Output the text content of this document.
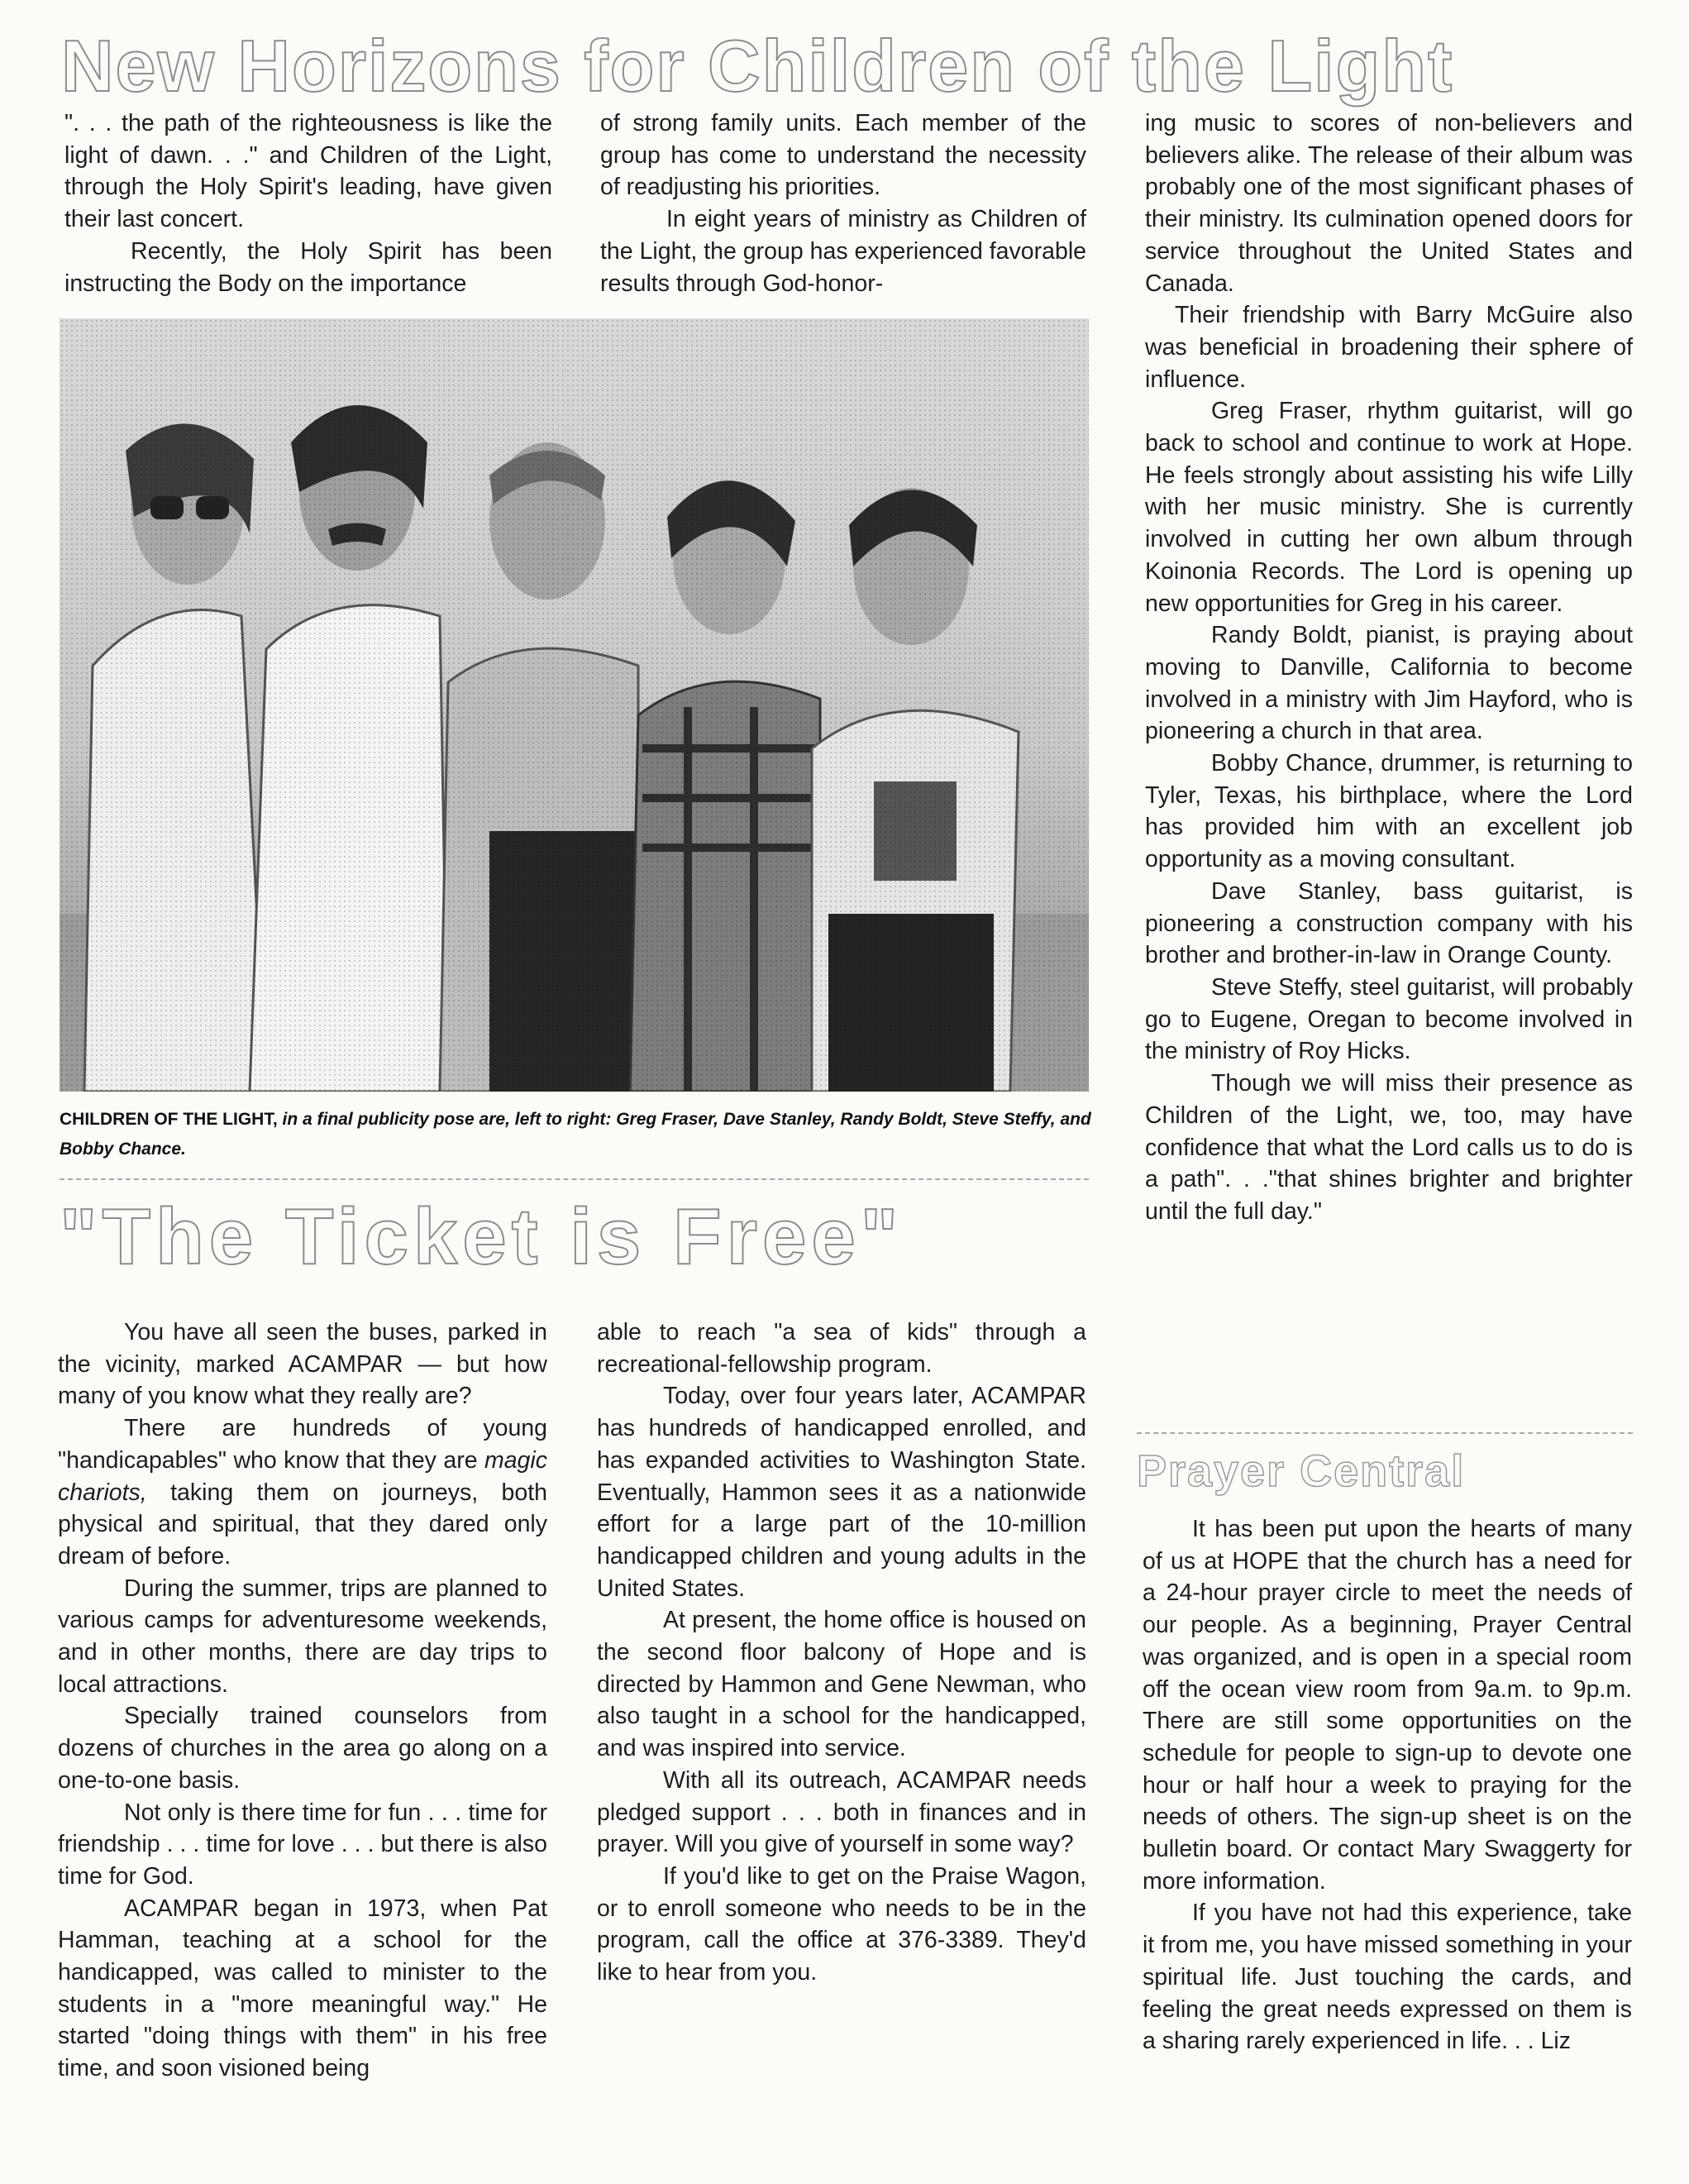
New Horizons for Children of the Light

". . . the path of the righteousness is like the light of dawn. . ." and Children of the Light, through the Holy Spirit's leading, have given their last concert.

Recently, the Holy Spirit has been instructing the Body on the importance

of strong family units. Each member of the group has come to understand the necessity of readjusting his priorities.

In eight years of ministry as Children of the Light, the group has experienced favorable results through God-honor-

ing music to scores of non-believers and believers alike. The release of their album was probably one of the most significant phases of their ministry. Its culmination opened doors for service throughout the United States and Canada.

Their friendship with Barry McGuire also was beneficial in broadening their sphere of influence.

Greg Fraser, rhythm guitarist, will go back to school and continue to work at Hope. He feels strongly about assisting his wife Lilly with her music ministry. She is currently involved in cutting her own album through Koinonia Records. The Lord is opening up new opportunities for Greg in his career.

Randy Boldt, pianist, is praying about moving to Danville, California to become involved in a ministry with Jim Hayford, who is pioneering a church in that area.

Bobby Chance, drummer, is returning to Tyler, Texas, his birthplace, where the Lord has provided him with an excellent job opportunity as a moving consultant.

Dave Stanley, bass guitarist, is pioneering a construction company with his brother and brother-in-law in Orange County.

Steve Steffy, steel guitarist, will probably go to Eugene, Oregan to become involved in the ministry of Roy Hicks.

Though we will miss their presence as Children of the Light, we, too, may have confidence that what the Lord calls us to do is a path". . ."that shines brighter and brighter until the full day."

CHILDREN OF THE LIGHT, in a final publicity pose are, left to right: Greg Fraser, Dave Stanley, Randy Boldt, Steve Steffy, and Bobby Chance.
"The Ticket is Free"

You have all seen the buses, parked in the vicinity, marked ACAMPAR — but how many of you know what they really are?

There are hundreds of young "handicapables" who know that they are magic chariots, taking them on journeys, both physical and spiritual, that they dared only dream of before.

During the summer, trips are planned to various camps for adventuresome weekends, and in other months, there are day trips to local attractions.

Specially trained counselors from dozens of churches in the area go along on a one-to-one basis.

Not only is there time for fun . . . time for friendship . . . time for love . . . but there is also time for God.

ACAMPAR began in 1973, when Pat Hamman, teaching at a school for the handicapped, was called to minister to the students in a "more meaningful way." He started "doing things with them" in his free time, and soon visioned being

able to reach "a sea of kids" through a recreational-fellowship program.

Today, over four years later, ACAMPAR has hundreds of handicapped enrolled, and has expanded activities to Washington State. Eventually, Hammon sees it as a nationwide effort for a large part of the 10-million handicapped children and young adults in the United States.

At present, the home office is housed on the second floor balcony of Hope and is directed by Hammon and Gene Newman, who also taught in a school for the handicapped, and was inspired into service.

With all its outreach, ACAMPAR needs pledged support . . . both in finances and in prayer. Will you give of yourself in some way?

If you'd like to get on the Praise Wagon, or to enroll someone who needs to be in the program, call the office at 376-3389. They'd like to hear from you.

Prayer Central

It has been put upon the hearts of many of us at HOPE that the church has a need for a 24-hour prayer circle to meet the needs of our people. As a beginning, Prayer Central was organized, and is open in a special room off the ocean view room from 9a.m. to 9p.m. There are still some opportunities on the schedule for people to sign-up to devote one hour or half hour a week to praying for the needs of others. The sign-up sheet is on the bulletin board. Or contact Mary Swaggerty for more information.

If you have not had this experience, take it from me, you have missed something in your spiritual life. Just touching the cards, and feeling the great needs expressed on them is a sharing rarely experienced in life. . . Liz
